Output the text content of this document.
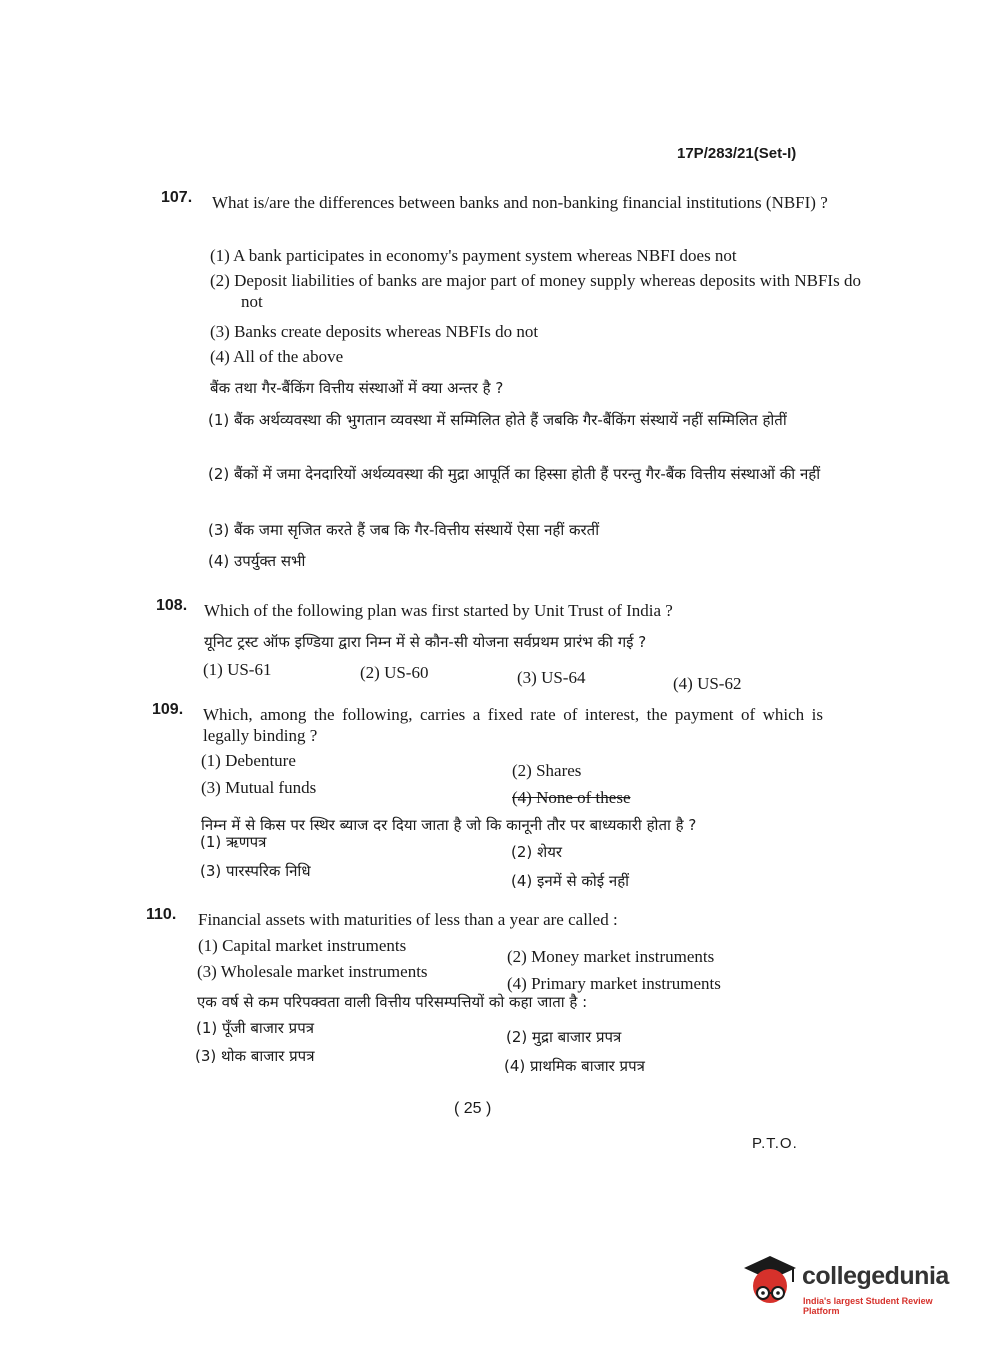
17P/283/21(Set-I)
107. What is/are the differences between banks and non-banking financial institutions (NBFI) ?
(1) A bank participates in economy's payment system whereas NBFI does not
(2) Deposit liabilities of banks are major part of money supply whereas deposits with NBFIs do not
(3) Banks create deposits whereas NBFIs do not
(4) All of the above
बैंक तथा गैर-बैंकिंग वित्तीय संस्थाओं में क्या अन्तर है ?
(1) बैंक अर्थव्यवस्था की भुगतान व्यवस्था में सम्मिलित होते हैं जबकि गैर-बैंकिंग संस्थायें नहीं सम्मिलित होतीं
(2) बैंकों में जमा देनदारियों अर्थव्यवस्था की मुद्रा आपूर्ति का हिस्सा होती हैं परन्तु गैर-बैंक वित्तीय संस्थाओं की नहीं
(3) बैंक जमा सृजित करते हैं जब कि गैर-वित्तीय संस्थायें ऐसा नहीं करतीं
(4) उपर्युक्त सभी
108. Which of the following plan was first started by Unit Trust of India ?
यूनिट ट्रस्ट ऑफ इण्डिया द्वारा निम्न में से कौन-सी योजना सर्वप्रथम प्रारंभ की गई ?
(1) US-61	(2) US-60	(3) US-64	(4) US-62
109. Which, among the following, carries a fixed rate of interest, the payment of which is legally binding ?
(1) Debenture
(2) Shares
(3) Mutual funds
(4) None of these
निम्न में से किस पर स्थिर ब्याज दर दिया जाता है जो कि कानूनी तौर पर बाध्यकारी होता है ?
(1) ऋणपत्र
(2) शेयर
(3) पारस्परिक निधि
(4) इनमें से कोई नहीं
110. Financial assets with maturities of less than a year are called :
(1) Capital market instruments
(2) Money market instruments
(3) Wholesale market instruments
(4) Primary market instruments
एक वर्ष से कम परिपक्वता वाली वित्तीय परिसम्पत्तियों को कहा जाता है :
(1) पूँजी बाजार प्रपत्र	(2) मुद्रा बाजार प्रपत्र
(3) थोक बाजार प्रपत्र
(4) प्राथमिक बाजार प्रपत्र
( 25 )
P.T.O.
collegedunia
India's largest Student Review Platform
